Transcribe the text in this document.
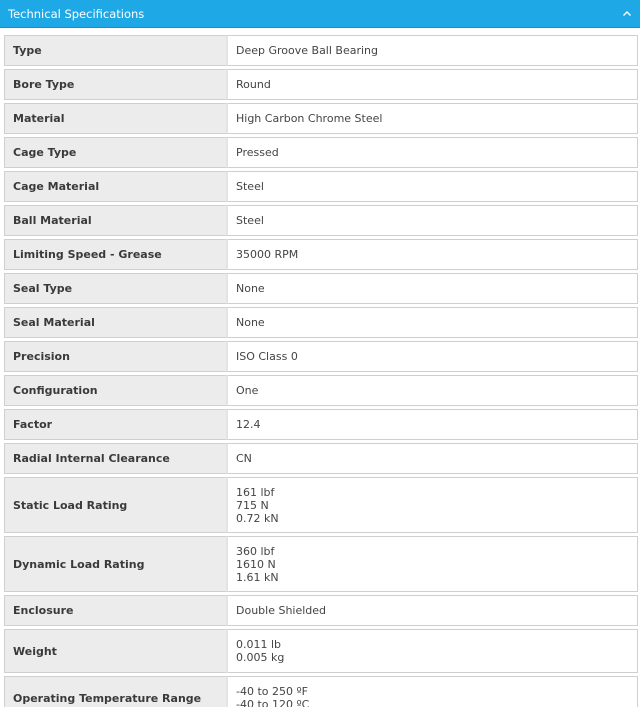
Technical Specifications
Type	Deep Groove Ball Bearing

Bore Type	Round

Material	High Carbon Chrome Steel

Cage Type	Pressed

Cage Material	Steel

Ball Material	Steel

Limiting Speed - Grease	35000 RPM

Seal Type	None

Seal Material	None

Precision	ISO Class 0

Configuration	One

Factor	12.4

Radial Internal Clearance	CN

Static Load Rating	161 lbf
715 N
0.72 kN

Dynamic Load Rating	360 lbf
1610 N
1.61 kN

Enclosure	Double Shielded

Weight	0.011 lb
0.005 kg

Operating Temperature Range	-40 to 250 ºF
-40 to 120 ºC
